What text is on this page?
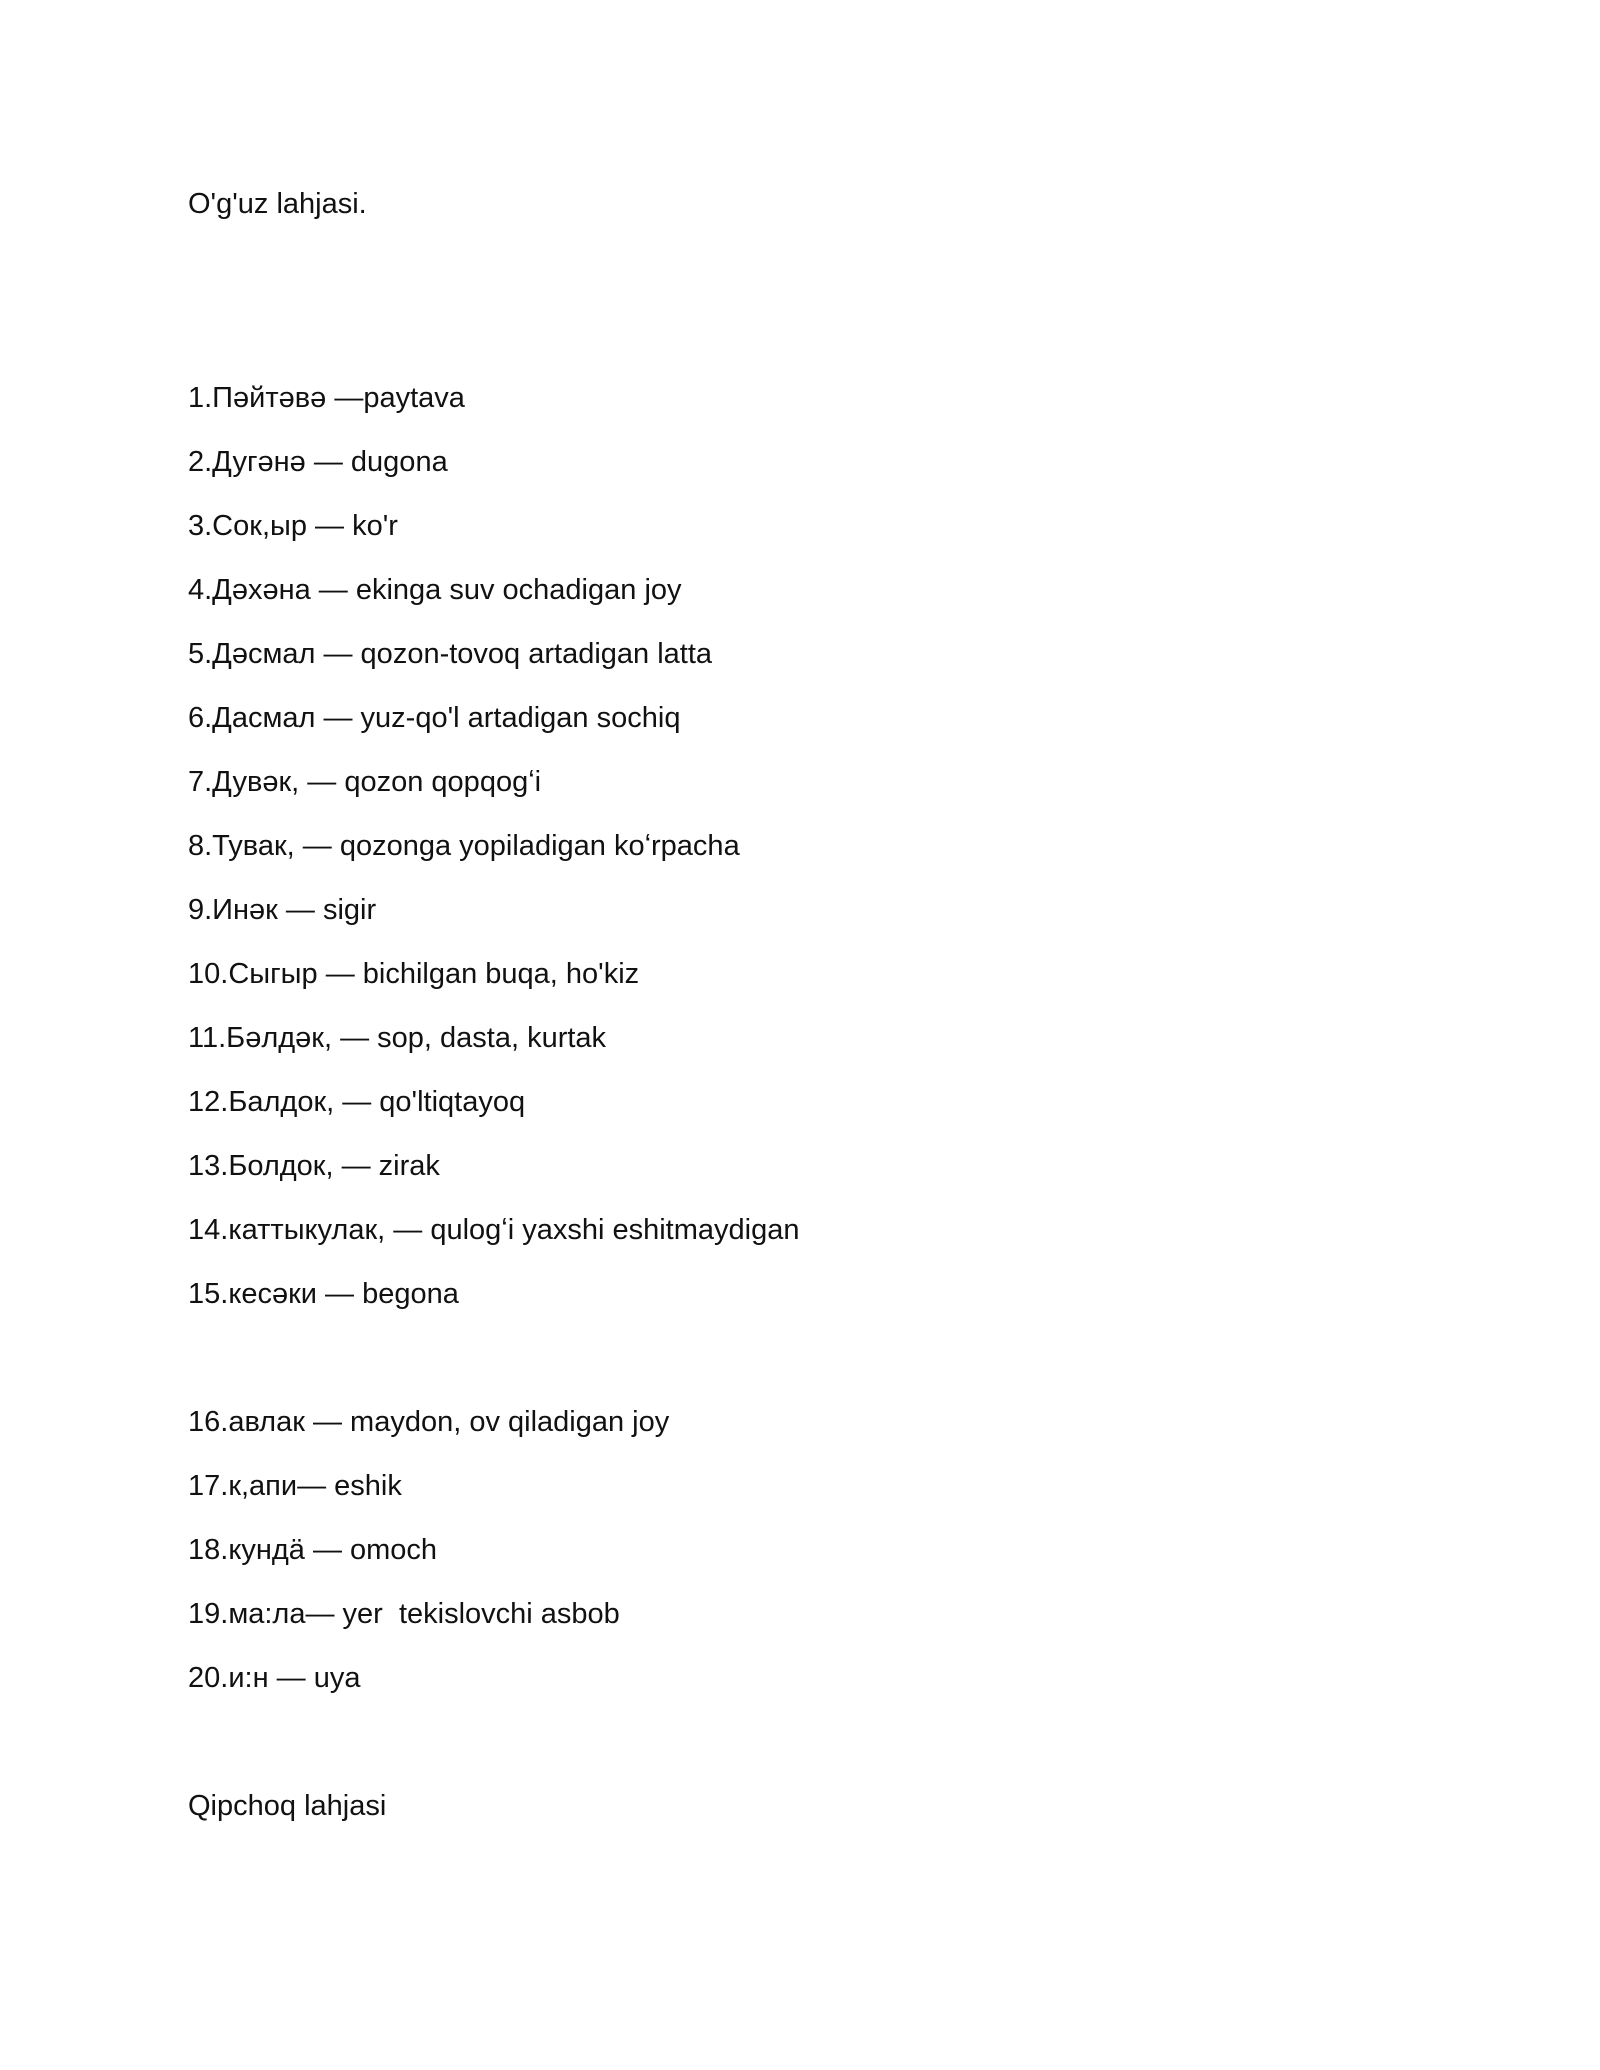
O'g'uz lahjasi.

1.Пәйтәвә —paytava

2.Дугәнә — dugona

3.Сок,ыр — ko'r

4.Дәхәна — ekinga suv ochadigan joy

5.Дәсмал — qozon-tovoq artadigan latta

6.Дасмал — yuz-qo'l artadigan sochiq

7.Дувәк, — qozon qopqogʻi

8.Тувак, — qozonga yopiladigan koʻrpacha

9.Инәк — sigir

10.Сыгыр — bichilgan buqa, ho'kiz

11.Бәлдәк, — sop, dasta, kurtak

12.Балдок, — qo'ltiqtayoq

13.Болдок, — zirak

14.каттыкулак, — qulogʻi yaxshi eshitmaydigan

15.кесәки — begona

16.авлак — maydon, ov qiladigan joy

17.к,апи— eshik

18.кундä — omoch

19.ма:ла— yer  tekislovchi asbob

20.и:н — uya

Qipchoq lahjasi
